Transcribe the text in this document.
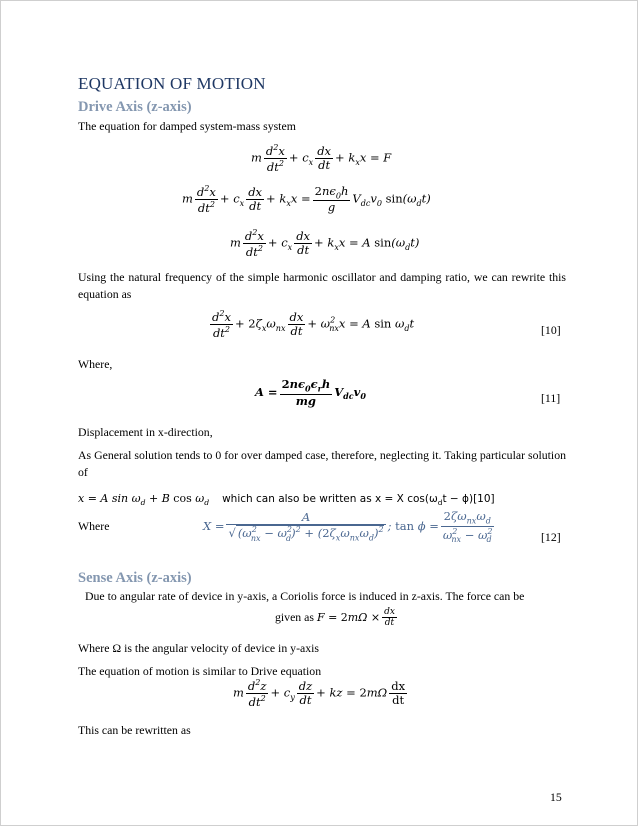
EQUATION OF MOTION
Drive Axis (z-axis)
The equation for damped system-mass system
m $\frac{d^2x}{dt^2} + c_x \frac{dx}{dt} + k_xx = F$
m $\frac{d^2x}{dt^2} + c_x \frac{dx}{dt} + k_xx = \frac{2n\epsilon_0h}{g} V_{dc}v_0$ $\sin(\omega_dt)$
m $\frac{d^2x}{dt^2} + c_x \frac{dx}{dt} + k_xx = A$ $\sin(\omega_dt)$
Using the natural frequency of the simple harmonic oscillator and damping ratio, we can rewrite this equation as
$\frac{d^2x}{dt^2} + 2\zeta_x\omega_{nx} \frac{dx}{dt} + \omega^2_{nx}x = A$ $\sin \omega_dt$	[10]
Where,
$A = \frac{2n\epsilon_0\epsilon_rh}{mg} V_{dc}v_0$	[11]
Displacement in x-direction,
As General solution tends to 0 for over damped case, therefore, neglecting it. Taking particular solution of
x = A $\sin \omega_d + B$ $\cos \omega_d$ which can also be written as x = X $\cos(\omega_dt - \phi)[10]$
Where	$X = \frac{A}{√ (\omega^2_{nx} - \omega^2_d)^2 + (2\zeta_x\omega_{nx}\omega_d)^2}$ ; $\tan \phi = \frac{2\zeta\omega_{nx}\omega_d}{\omega^2_{nx} - \omega^2_d}$	[12]
Sense Axis (z-axis)
Due to angular rate of device in y-axis, a Coriolis force is induced in z-axis. The force can be
given as $F = 2m\Omega \times \frac{dx}{dt}$
Where Ω is the angular velocity of device in y-axis
The equation of motion is similar to Drive equation
m $\frac{d^2z}{dt^2} + c_y \frac{dz}{dt}$ + kz = $2m\Omega \frac{dx}{dt}$
This can be rewritten as
15
